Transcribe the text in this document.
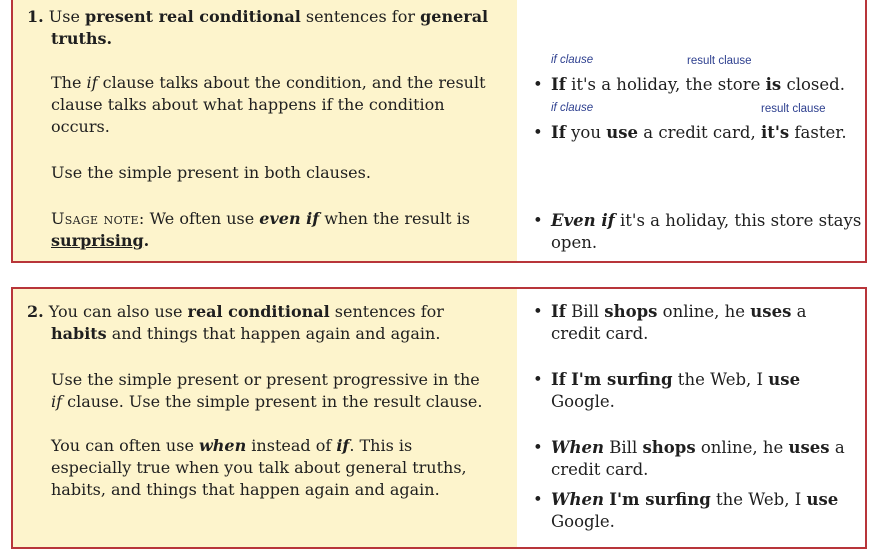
1. Use present real conditional sentences for general

truths.

The if clause talks about the condition, and the result
clause talks about what happens if the condition
occurs.

Use the simple present in both clauses.

Usage note: We often use even if when the result is
surprising.

if clause	result clause

• If it's a holiday, the store is closed.

if clause	result clause

• If you use a credit card, it's faster.

• Even if it's a holiday, this store stays
open.

2. You can also use real conditional sentences for
habits and things that happen again and again.

Use the simple present or present progressive in the
if clause. Use the simple present in the result clause.

You can often use when instead of if. This is
especially true when you talk about general truths,
habits, and things that happen again and again.

• If Bill shops online, he uses a
credit card.

• If I'm surfing the Web, I use
Google.

• When Bill shops online, he uses a
credit card.

• When I'm surfing the Web, I use
Google.
